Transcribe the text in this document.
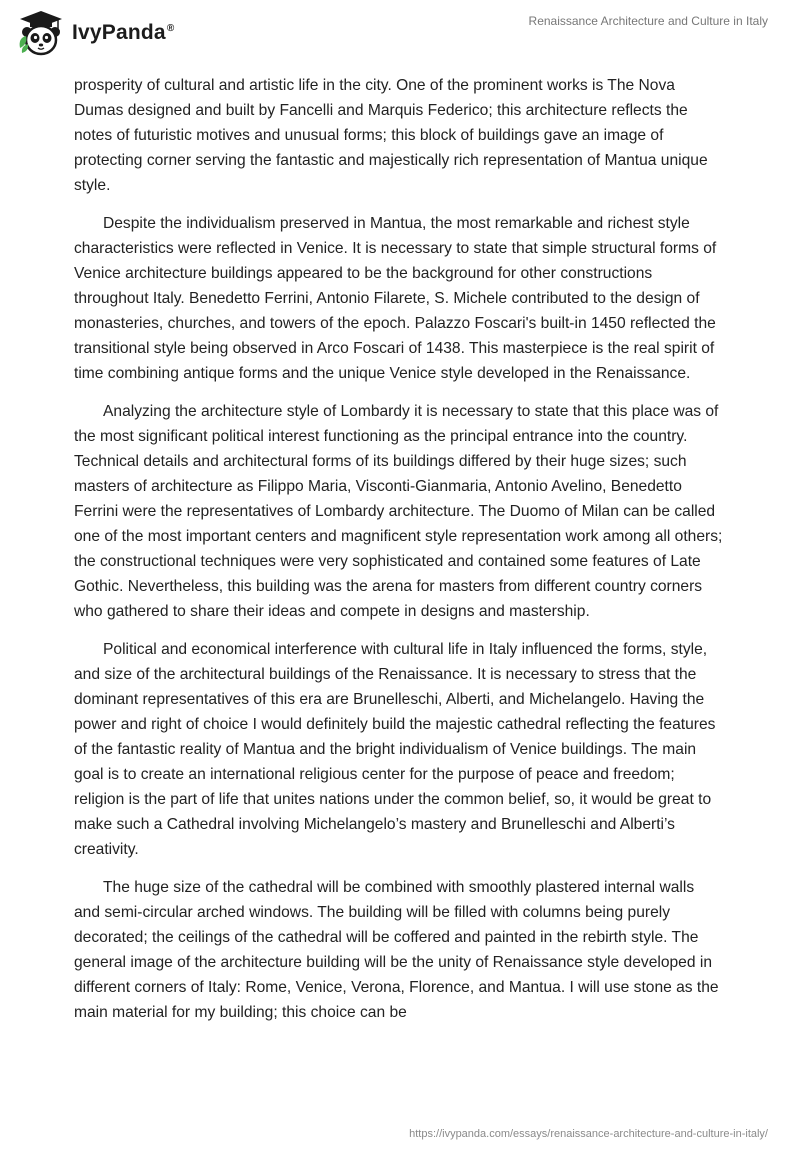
IvyPanda®
Renaissance Architecture and Culture in Italy

prosperity of cultural and artistic life in the city. One of the prominent works is The Nova Dumas designed and built by Fancelli and Marquis Federico; this architecture reflects the notes of futuristic motives and unusual forms; this block of buildings gave an image of protecting corner serving the fantastic and majestically rich representation of Mantua unique style.

Despite the individualism preserved in Mantua, the most remarkable and richest style characteristics were reflected in Venice. It is necessary to state that simple structural forms of Venice architecture buildings appeared to be the background for other constructions throughout Italy. Benedetto Ferrini, Antonio Filarete, S. Michele contributed to the design of monasteries, churches, and towers of the epoch. Palazzo Foscari's built-in 1450 reflected the transitional style being observed in Arco Foscari of 1438. This masterpiece is the real spirit of time combining antique forms and the unique Venice style developed in the Renaissance.

Analyzing the architecture style of Lombardy it is necessary to state that this place was of the most significant political interest functioning as the principal entrance into the country. Technical details and architectural forms of its buildings differed by their huge sizes; such masters of architecture as Filippo Maria, Visconti-Gianmaria, Antonio Avelino, Benedetto Ferrini were the representatives of Lombardy architecture. The Duomo of Milan can be called one of the most important centers and magnificent style representation work among all others; the constructional techniques were very sophisticated and contained some features of Late Gothic. Nevertheless, this building was the arena for masters from different country corners who gathered to share their ideas and compete in designs and mastership.

Political and economical interference with cultural life in Italy influenced the forms, style, and size of the architectural buildings of the Renaissance. It is necessary to stress that the dominant representatives of this era are Brunelleschi, Alberti, and Michelangelo. Having the power and right of choice I would definitely build the majestic cathedral reflecting the features of the fantastic reality of Mantua and the bright individualism of Venice buildings. The main goal is to create an international religious center for the purpose of peace and freedom; religion is the part of life that unites nations under the common belief, so, it would be great to make such a Cathedral involving Michelangelo’s mastery and Brunelleschi and Alberti’s creativity.

The huge size of the cathedral will be combined with smoothly plastered internal walls and semi-circular arched windows. The building will be filled with columns being purely decorated; the ceilings of the cathedral will be coffered and painted in the rebirth style. The general image of the architecture building will be the unity of Renaissance style developed in different corners of Italy: Rome, Venice, Verona, Florence, and Mantua. I will use stone as the main material for my building; this choice can be

https://ivypanda.com/essays/renaissance-architecture-and-culture-in-italy/
